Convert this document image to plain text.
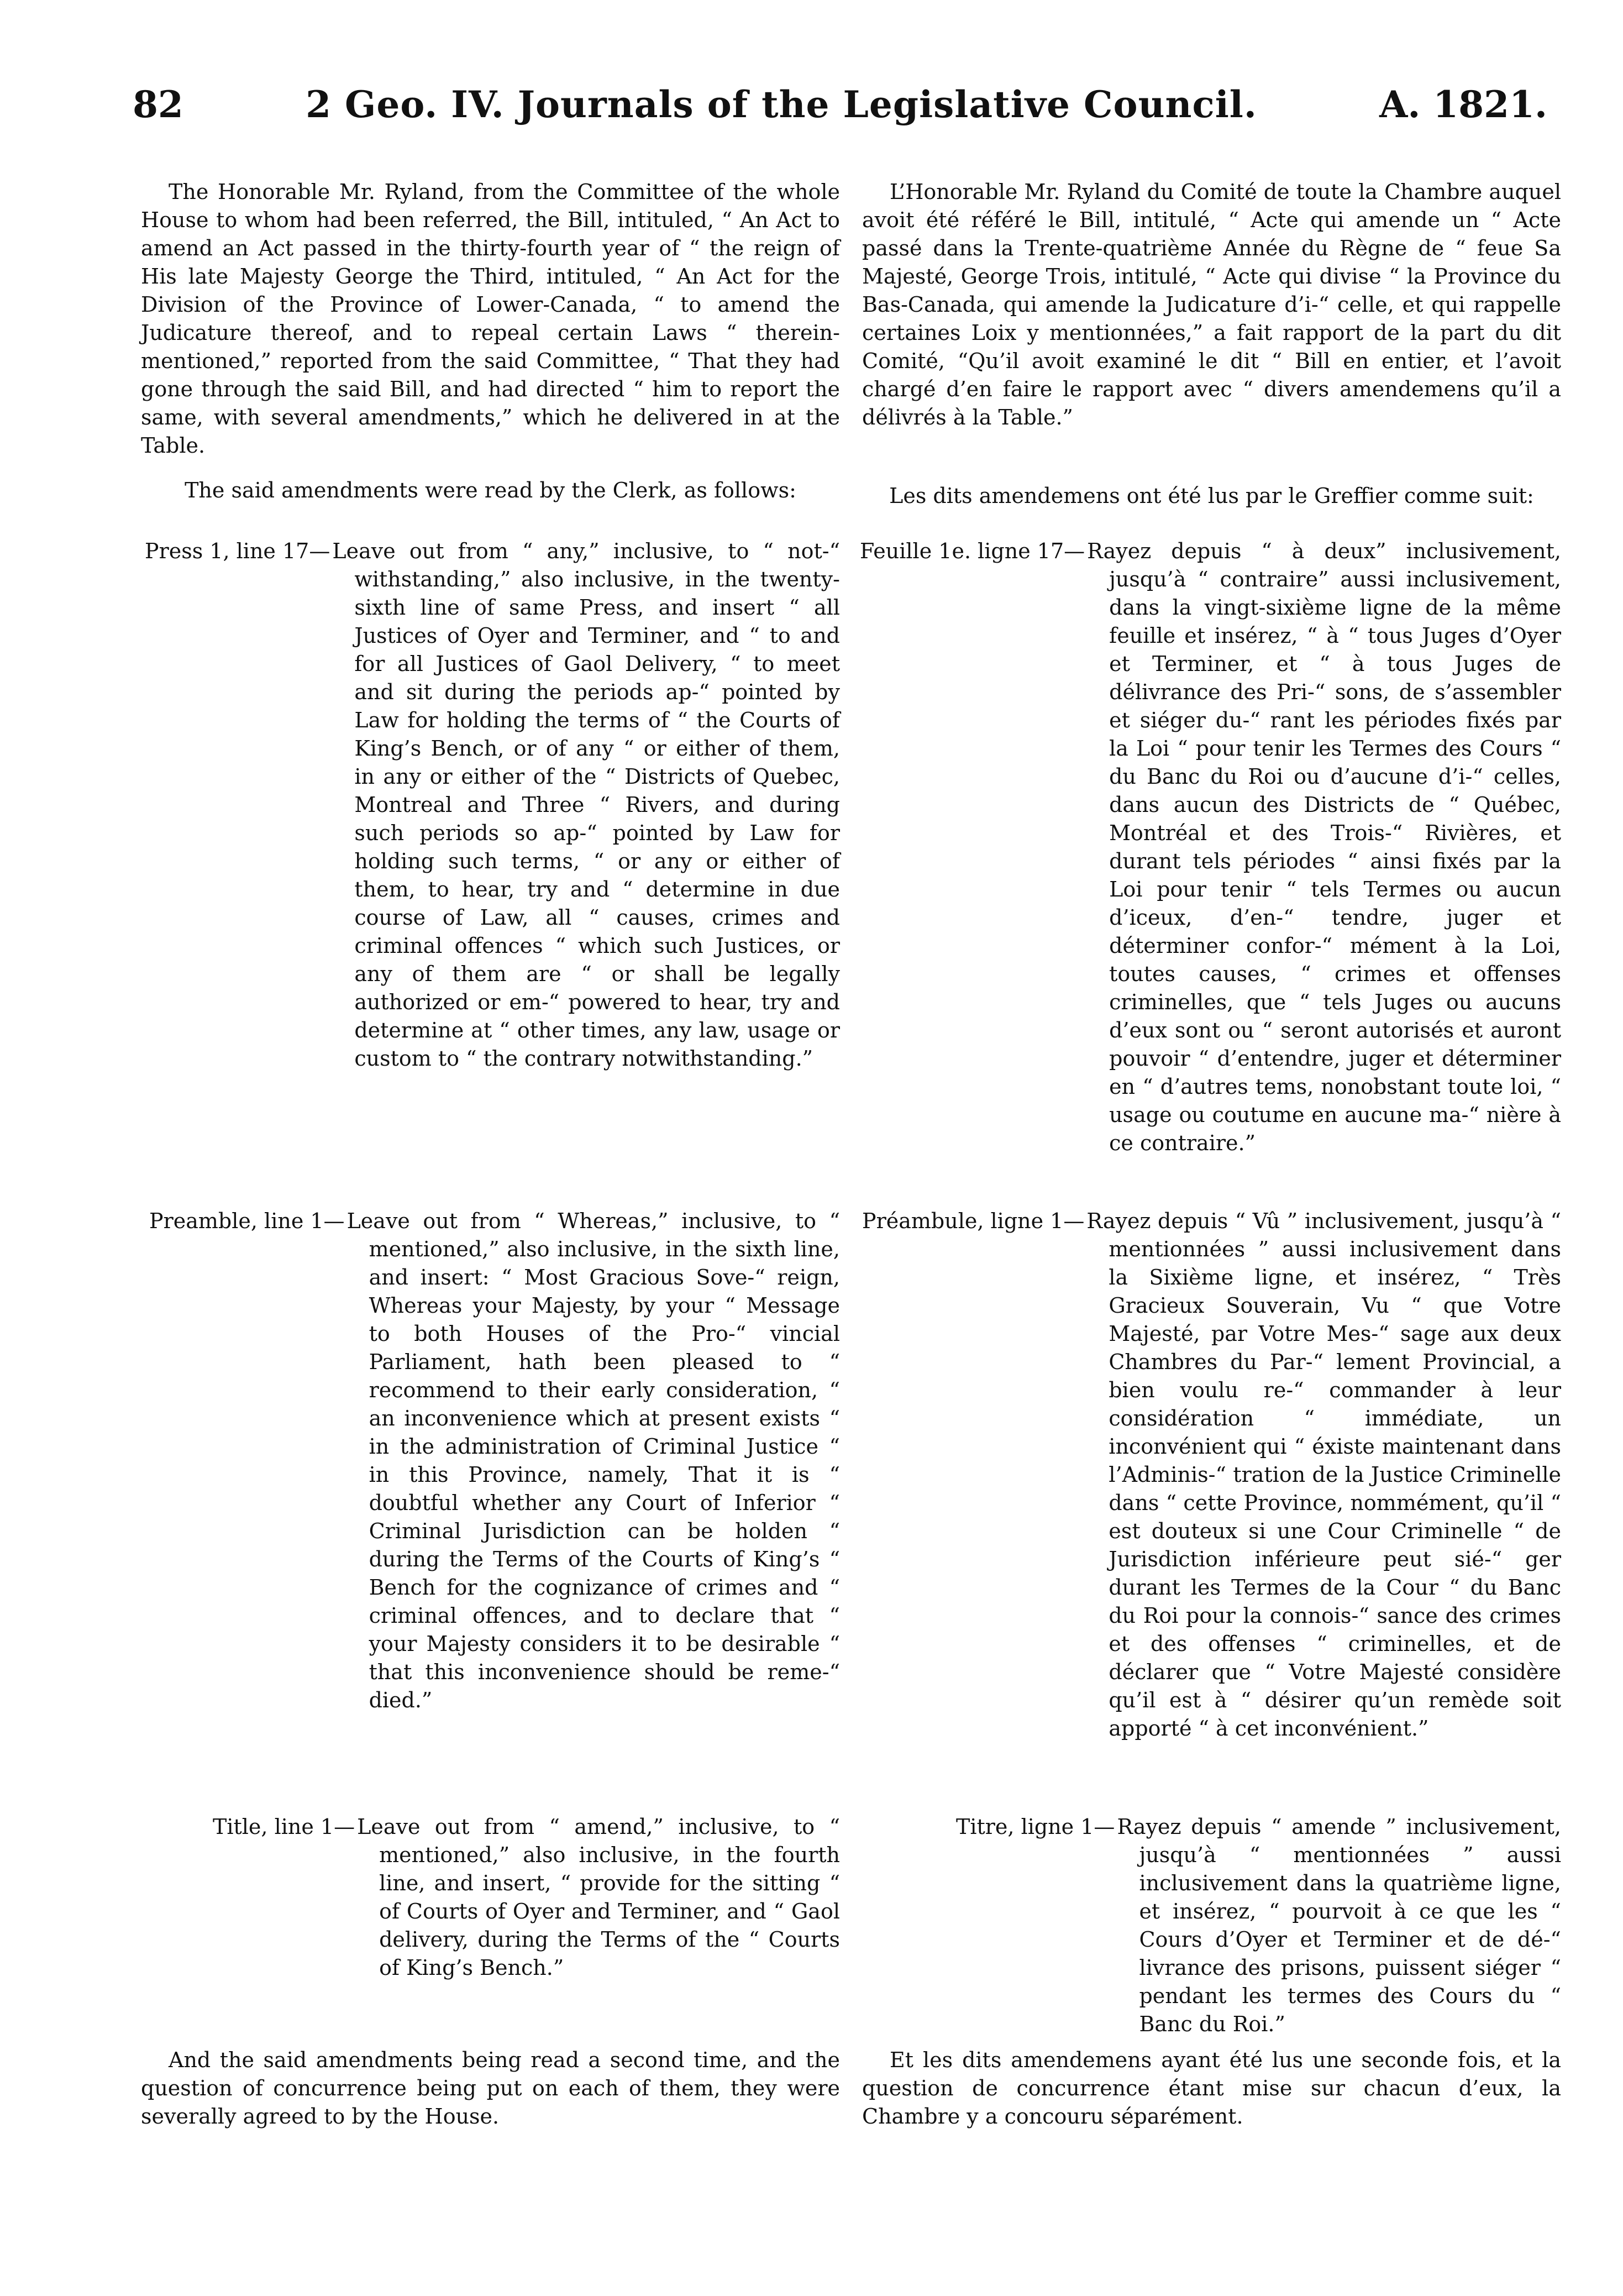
82	2 Geo. IV. Journals of the Legislative Council.	A. 1821.
The Honorable Mr. Ryland, from the Committee of the whole House to whom had been referred, the Bill, intituled, “ An Act to amend an Act passed in the thirty-fourth year of “ the reign of His late Majesty George the Third, intituled, “ An Act for the Division of the Province of Lower-Canada, “ to amend the Judicature thereof, and to repeal certain Laws “ therein-mentioned,” reported from the said Committee, “ That they had gone through the said Bill, and had directed “ him to report the same, with several amendments,” which he delivered in at the Table.
The said amendments were read by the Clerk, as follows:
Press 1, line 17— Leave out from “ any,” inclusive, to “ not-“ withstanding,” also inclusive, in the twenty-sixth line of same Press, and insert “ all Justices of Oyer and Terminer, and “ to and for all Justices of Gaol Delivery, “ to meet and sit during the periods ap-“ pointed by Law for holding the terms of “ the Courts of King’s Bench, or of any “ or either of them, in any or either of the “ Districts of Quebec, Montreal and Three “ Rivers, and during such periods so ap-“ pointed by Law for holding such terms, “ or any or either of them, to hear, try and “ determine in due course of Law, all “ causes, crimes and criminal offences “ which such Justices, or any of them are “ or shall be legally authorized or em-“ powered to hear, try and determine at “ other times, any law, usage or custom to “ the contrary notwithstanding.”
Preamble, line 1— Leave out from “ Whereas,” inclusive, to “ mentioned,” also inclusive, in the sixth line, and insert: “ Most Gracious Sove-“ reign, Whereas your Majesty, by your “ Message to both Houses of the Pro-“ vincial Parliament, hath been pleased to “ recommend to their early consideration, “ an inconvenience which at present exists “ in the administration of Criminal Justice “ in this Province, namely, That it is “ doubtful whether any Court of Inferior “ Criminal Jurisdiction can be holden “ during the Terms of the Courts of King’s “ Bench for the cognizance of crimes and “ criminal offences, and to declare that “ your Majesty considers it to be desirable “ that this inconvenience should be reme-“ died.”
Title, line 1— Leave out from “ amend,” inclusive, to “ mentioned,” also inclusive, in the fourth line, and insert, “ provide for the sitting “ of Courts of Oyer and Terminer, and “ Gaol delivery, during the Terms of the “ Courts of King’s Bench.”
And the said amendments being read a second time, and the question of concurrence being put on each of them, they were severally agreed to by the House.
L’Honorable Mr. Ryland du Comité de toute la Chambre auquel avoit été référé le Bill, intitulé, “ Acte qui amende un “ Acte passé dans la Trente-quatrième Année du Règne de “ feue Sa Majesté, George Trois, intitulé, “ Acte qui divise “ la Province du Bas-Canada, qui amende la Judicature d’i-“ celle, et qui rappelle certaines Loix y mentionnées,” a fait rapport de la part du dit Comité, “Qu’il avoit examiné le dit “ Bill en entier, et l’avoit chargé d’en faire le rapport avec “ divers amendemens qu’il a délivrés à la Table.”
Les dits amendemens ont été lus par le Greffier comme suit:
Feuille 1e. ligne 17— Rayez depuis “ à deux” inclusivement, jusqu’à “ contraire” aussi inclusivement, dans la vingt-sixième ligne de la même feuille et insérez, “ à “ tous Juges d’Oyer et Terminer, et “ à tous Juges de délivrance des Pri-“ sons, de s’assembler et siéger du-“ rant les périodes fixés par la Loi “ pour tenir les Termes des Cours “ du Banc du Roi ou d’aucune d’i-“ celles, dans aucun des Districts de “ Québec, Montréal et des Trois-“ Rivières, et durant tels périodes “ ainsi fixés par la Loi pour tenir “ tels Termes ou aucun d’iceux, d’en-“ tendre, juger et déterminer confor-“ mément à la Loi, toutes causes, “ crimes et offenses criminelles, que “ tels Juges ou aucuns d’eux sont ou “ seront autorisés et auront pouvoir “ d’entendre, juger et déterminer en “ d’autres tems, nonobstant toute loi, “ usage ou coutume en aucune ma-“ nière à ce contraire.”
Préambule, ligne 1— Rayez depuis “ Vû ” inclusivement, jusqu’à “ mentionnées ” aussi inclusivement dans la Sixième ligne, et insérez, “ Très Gracieux Souverain, Vu “ que Votre Majesté, par Votre Mes-“ sage aux deux Chambres du Par-“ lement Provincial, a bien voulu re-“ commander à leur considération “ immédiate, un inconvénient qui “ éxiste maintenant dans l’Adminis-“ tration de la Justice Criminelle dans “ cette Province, nommément, qu’il “ est douteux si une Cour Criminelle “ de Jurisdiction inférieure peut sié-“ ger durant les Termes de la Cour “ du Banc du Roi pour la connois-“ sance des crimes et des offenses “ criminelles, et de déclarer que “ Votre Majesté considère qu’il est à “ désirer qu’un remède soit apporté “ à cet inconvénient.”
Titre, ligne 1— Rayez depuis “ amende ” inclusivement, jusqu’à “ mentionnées ” aussi inclusivement dans la quatrième ligne, et insérez, “ pourvoit à ce que les “ Cours d’Oyer et Terminer et de dé-“ livrance des prisons, puissent siéger “ pendant les termes des Cours du “ Banc du Roi.”
Et les dits amendemens ayant été lus une seconde fois, et la question de concurrence étant mise sur chacun d’eux, la Chambre y a concouru séparément.
